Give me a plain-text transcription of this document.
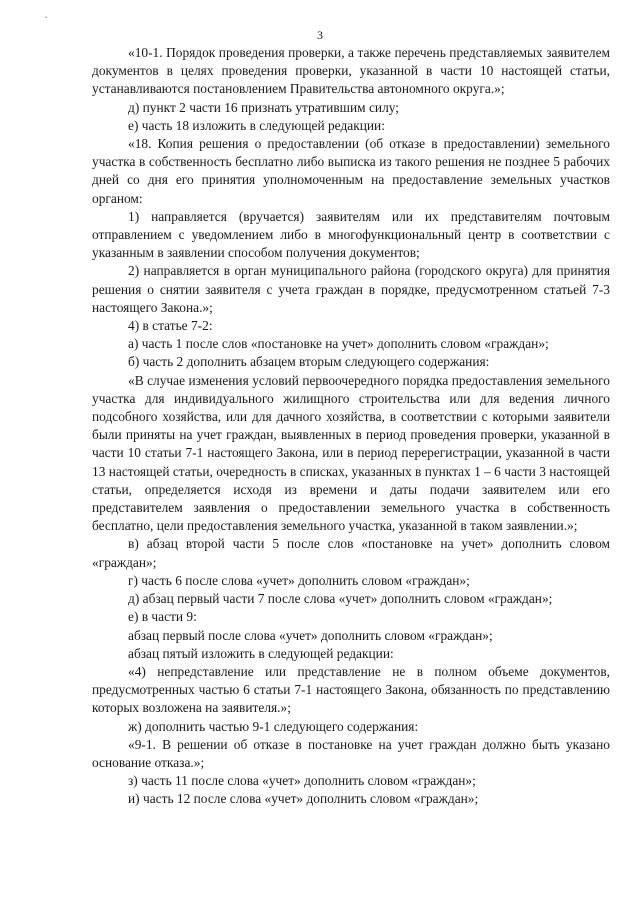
·
3

«10-1. Порядок проведения проверки, а также перечень представляемых заявителем документов в целях проведения проверки, указанной в части 10 настоящей статьи, устанавливаются постановлением Правительства автономного округа.»;

д) пункт 2 части 16 признать утратившим силу;

е) часть 18 изложить в следующей редакции:

«18. Копия решения о предоставлении (об отказе в предоставлении) земельного участка в собственность бесплатно либо выписка из такого решения не позднее 5 рабочих дней со дня его принятия уполномоченным на предоставление земельных участков органом:

1) направляется (вручается) заявителям или их представителям почтовым отправлением с уведомлением либо в многофункциональный центр в соответствии с указанным в заявлении способом получения документов;

2) направляется в орган муниципального района (городского округа) для принятия решения о снятии заявителя с учета граждан в порядке, предусмотренном статьей 7-3 настоящего Закона.»;

4) в статье 7-2:

а) часть 1 после слов «постановке на учет» дополнить словом «граждан»;

б) часть 2 дополнить абзацем вторым следующего содержания:

«В случае изменения условий первоочередного порядка предоставления земельного участка для индивидуального жилищного строительства или для ведения личного подсобного хозяйства, или для дачного хозяйства, в соответствии с которыми заявители были приняты на учет граждан, выявленных в период проведения проверки, указанной в части 10 статьи 7-1 настоящего Закона, или в период перерегистрации, указанной в части 13 настоящей статьи, очередность в списках, указанных в пунктах 1 – 6 части 3 настоящей статьи, определяется исходя из времени и даты подачи заявителем или его представителем заявления о предоставлении земельного участка в собственность бесплатно, цели предоставления земельного участка, указанной в таком заявлении.»;

в) абзац второй части 5 после слов «постановке на учет» дополнить словом «граждан»;

г) часть 6 после слова «учет» дополнить словом «граждан»;

д) абзац первый части 7 после слова «учет» дополнить словом «граждан»;

е) в части 9:

абзац первый после слова «учет» дополнить словом «граждан»;

абзац пятый изложить в следующей редакции:

«4) непредставление или представление не в полном объеме документов, предусмотренных частью 6 статьи 7-1 настоящего Закона, обязанность по представлению которых возложена на заявителя.»;

ж) дополнить частью 9-1 следующего содержания:

«9-1. В решении об отказе в постановке на учет граждан должно быть указано основание отказа.»;

з) часть 11 после слова «учет» дополнить словом «граждан»;

и) часть 12 после слова «учет» дополнить словом «граждан»;
